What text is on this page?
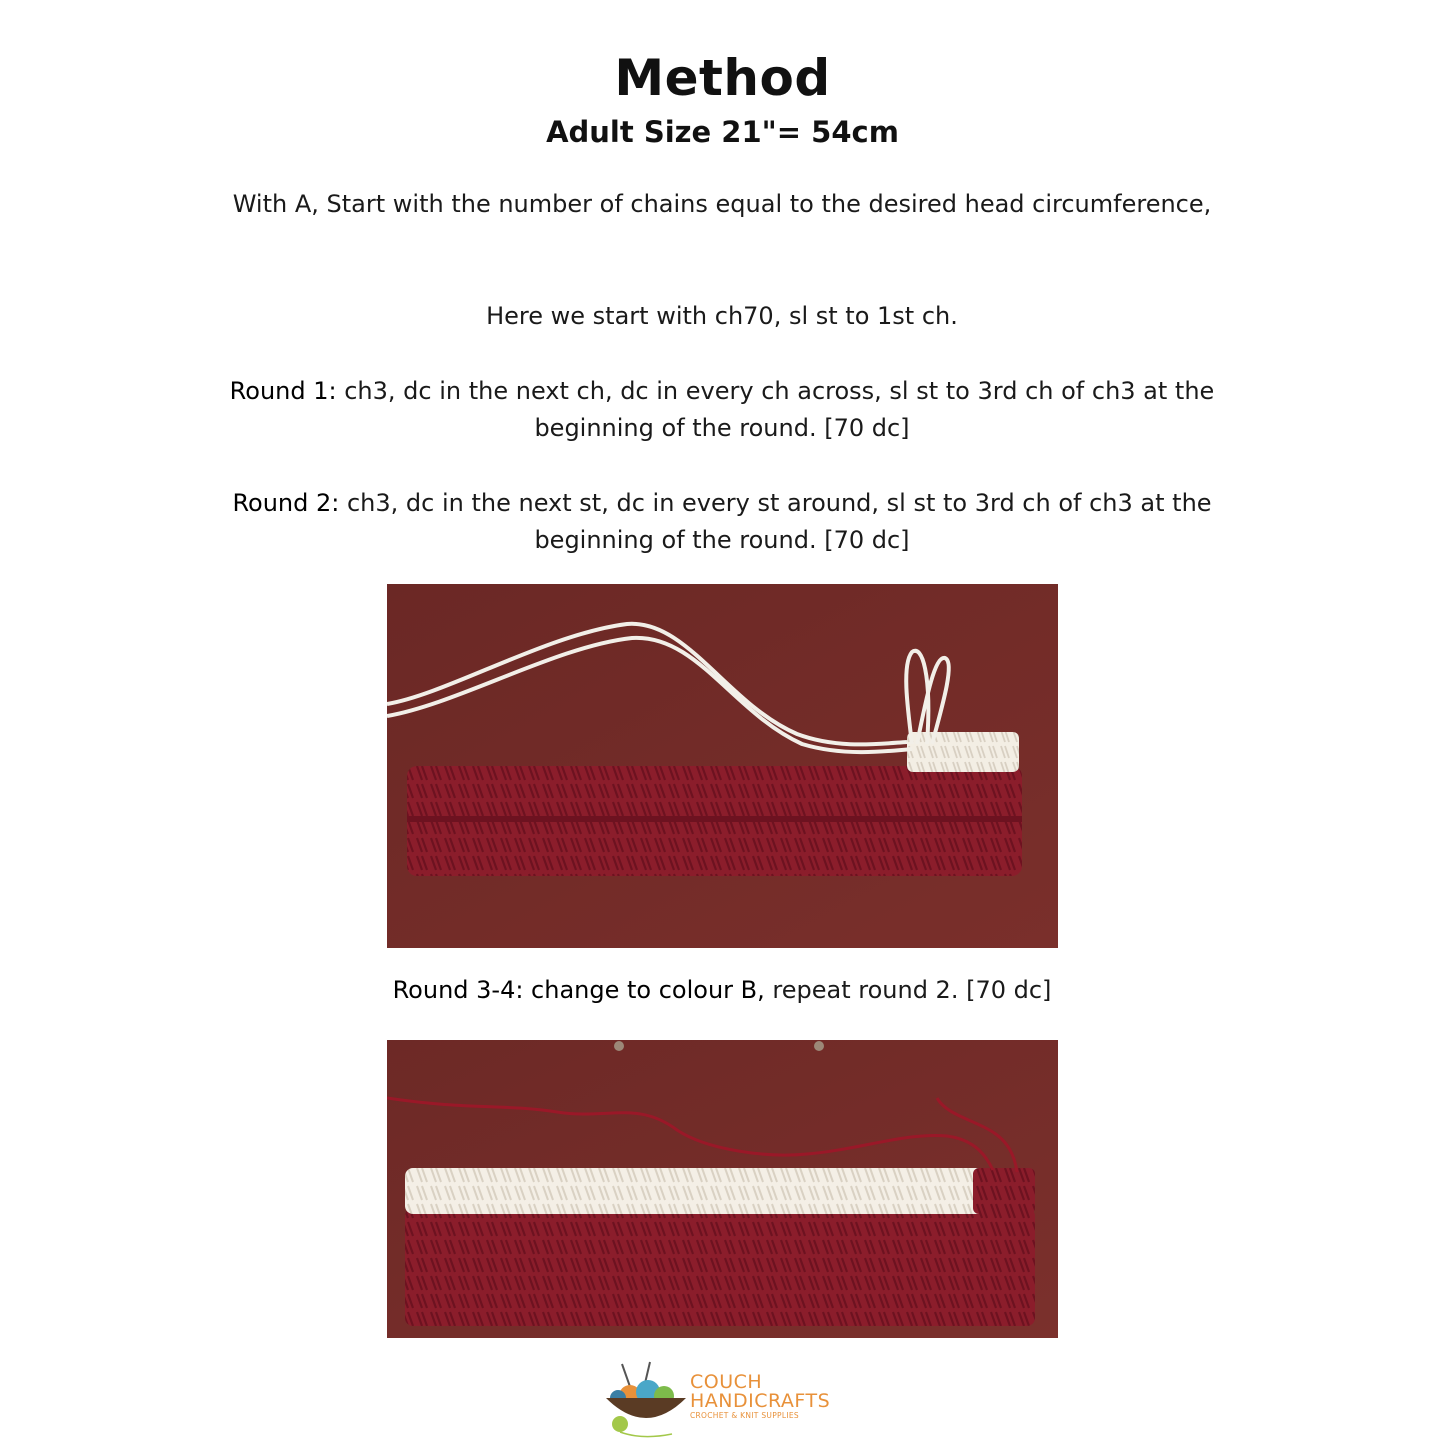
Method
Adult Size 21"= 54cm
With A, Start with the number of chains equal to the desired head circumference,
Here we start with ch70, sl st to 1st ch.
Round 1: ch3, dc in the next ch, dc in every ch across, sl st to 3rd ch of ch3 at the beginning of the round. [70 dc]
Round 2: ch3, dc in the next st, dc in every st around, sl st to 3rd ch of ch3 at the beginning of the round. [70 dc]
Round 3-4: change to colour B, repeat round 2. [70 dc]
COUCH
HANDICRAFTS
CROCHET & KNIT SUPPLIES
